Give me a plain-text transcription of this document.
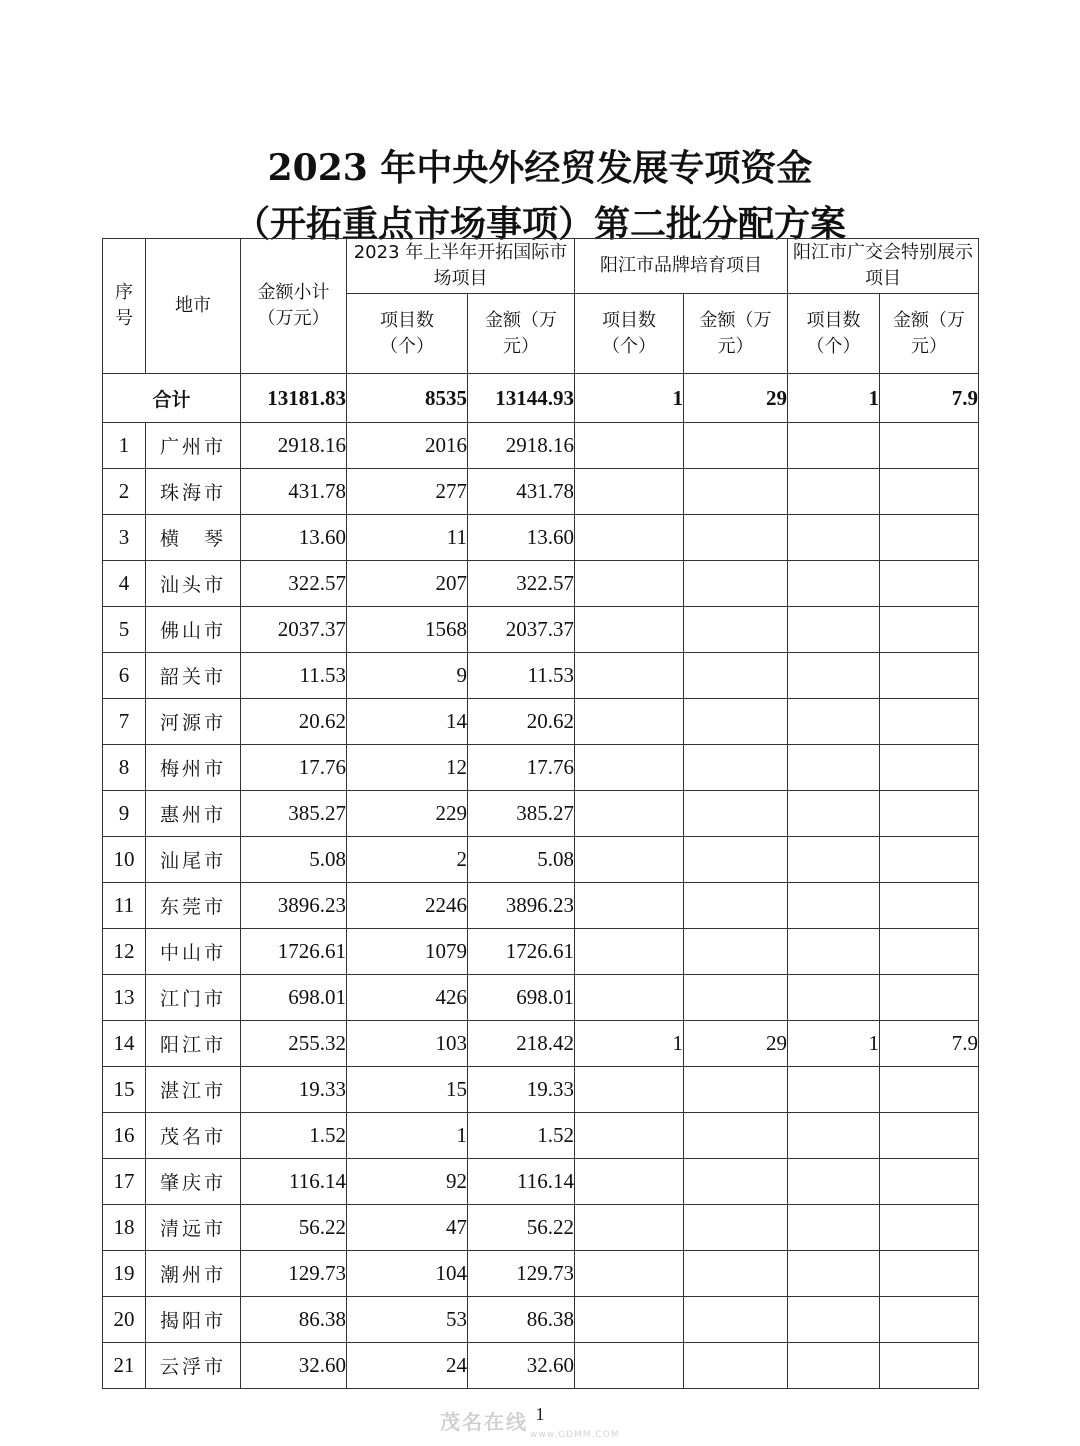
2023 年中央外经贸发展专项资金
（开拓重点市场事项）第二批分配方案
序号	地市	金额小计（万元）	2023 年上半年开拓国际市场项目		阳江市品牌培育项目		阳江市广交会特别展示项目	
			项目数（个）	金额（万元）	项目数（个）	金额（万元）	项目数（个）	金额（万元）
合计		13181.83	8535	13144.93	1	29	1	7.9
1	广州市	2918.16	2016	2918.16				
2	珠海市	431.78	277	431.78				
3	横　琴	13.60	11	13.60				
4	汕头市	322.57	207	322.57				
5	佛山市	2037.37	1568	2037.37				
6	韶关市	11.53	9	11.53				
7	河源市	20.62	14	20.62				
8	梅州市	17.76	12	17.76				
9	惠州市	385.27	229	385.27				
10	汕尾市	5.08	2	5.08				
11	东莞市	3896.23	2246	3896.23				
12	中山市	1726.61	1079	1726.61				
13	江门市	698.01	426	698.01				
14	阳江市	255.32	103	218.42	1	29	1	7.9
15	湛江市	19.33	15	19.33				
16	茂名市	1.52	1	1.52				
17	肇庆市	116.14	92	116.14				
18	清远市	56.22	47	56.22				
19	潮州市	129.73	104	129.73				
20	揭阳市	86.38	53	86.38				
21	云浮市	32.60	24	32.60				
茂名在线
www.GDMM.COM
1
